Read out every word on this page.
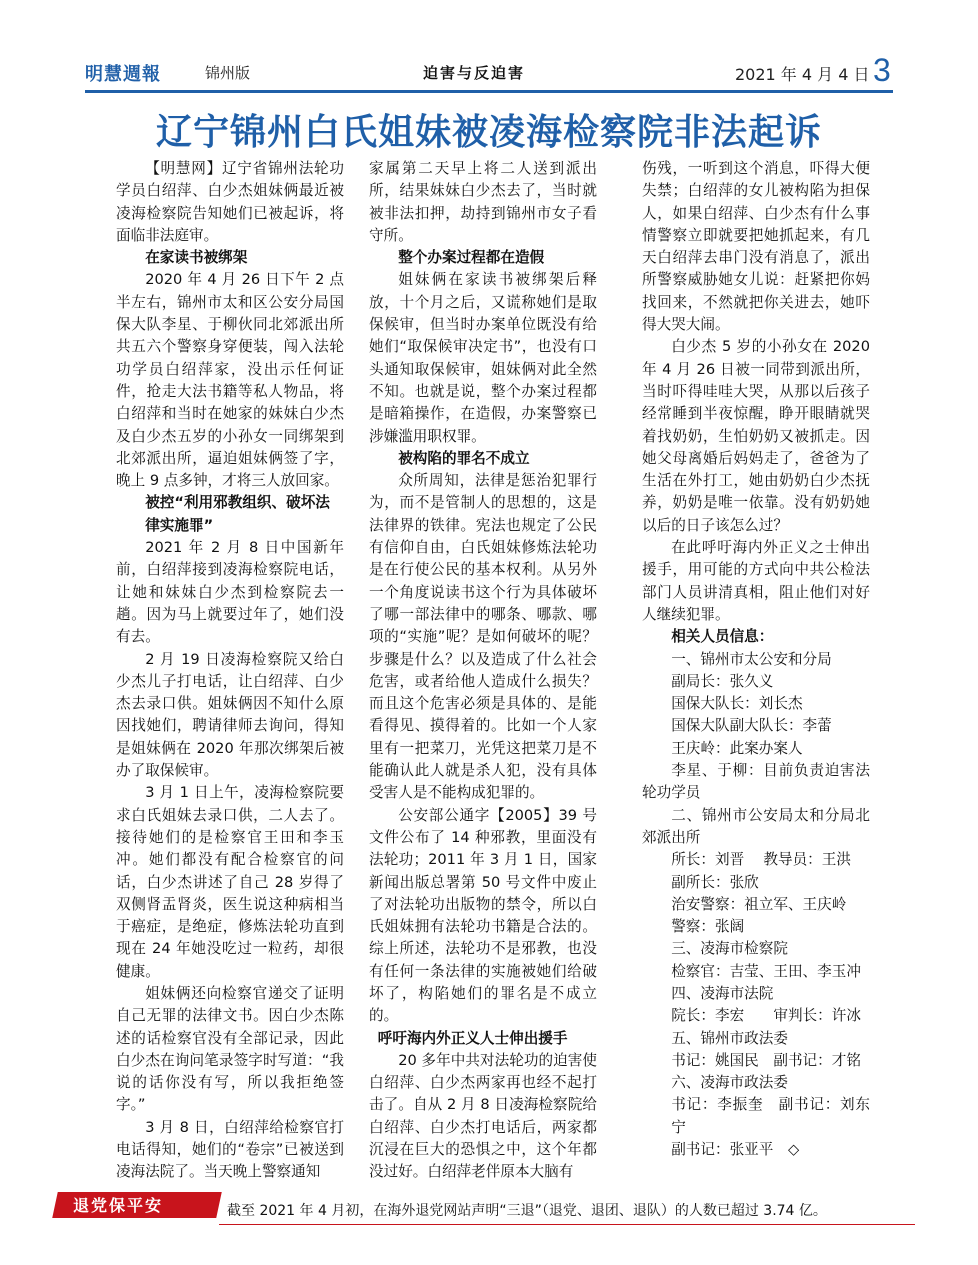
明慧週報	锦州版	迫害与反迫害	2021 年 4 月 4 日 3
辽宁锦州白氏姐妹被凌海检察院非法起诉

【明慧网】辽宁省锦州法轮功学员白绍萍、白少杰姐妹俩最近被凌海检察院告知她们已被起诉，将面临非法庭审。

在家读书被绑架

2020 年 4 月 26 日下午 2 点半左右，锦州市太和区公安分局国保大队李星、于柳伙同北郊派出所共五六个警察身穿便装，闯入法轮功学员白绍萍家，没出示任何证件，抢走大法书籍等私人物品，将白绍萍和当时在她家的妹妹白少杰及白少杰五岁的小孙女一同绑架到北郊派出所，逼迫姐妹俩签了字，晚上 9 点多钟，才将三人放回家。

被控“利用邪教组织、破坏法律实施罪”

2021 年 2 月 8 日中国新年前，白绍萍接到凌海检察院电话，让她和妹妹白少杰到检察院去一趟。因为马上就要过年了，她们没有去。

2 月 19 日凌海检察院又给白少杰儿子打电话，让白绍萍、白少杰去录口供。姐妹俩因不知什么原因找她们，聘请律师去询问，得知是姐妹俩在 2020 年那次绑架后被办了取保候审。

3 月 1 日上午，凌海检察院要求白氏姐妹去录口供，二人去了。接待她们的是检察官王田和李玉冲。她们都没有配合检察官的问话，白少杰讲述了自己 28 岁得了双侧肾盂肾炎，医生说这种病相当于癌症，是绝症，修炼法轮功直到现在 24 年她没吃过一粒药，却很健康。

姐妹俩还向检察官递交了证明自己无罪的法律文书。因白少杰陈述的话检察官没有全部记录，因此白少杰在询问笔录签字时写道：“我说的话你没有写，所以我拒绝签字。”

3 月 8 日，白绍萍给检察官打电话得知，她们的“卷宗”已被送到凌海法院了。当天晚上警察通知

家属第二天早上将二人送到派出所，结果妹妹白少杰去了，当时就被非法扣押，劫持到锦州市女子看守所。

整个办案过程都在造假

姐妹俩在家读书被绑架后释放，十个月之后，又谎称她们是取保候审，但当时办案单位既没有给她们“取保候审决定书”，也没有口头通知取保候审，姐妹俩对此全然不知。也就是说，整个办案过程都是暗箱操作，在造假，办案警察已涉嫌滥用职权罪。

被构陷的罪名不成立

众所周知，法律是惩治犯罪行为，而不是管制人的思想的，这是法律界的铁律。宪法也规定了公民有信仰自由，白氏姐妹修炼法轮功是在行使公民的基本权利。从另外一个角度说读书这个行为具体破坏了哪一部法律中的哪条、哪款、哪项的“实施”呢？是如何破坏的呢？步骤是什么？以及造成了什么社会危害，或者给他人造成什么损失？而且这个危害必须是具体的、是能看得见、摸得着的。比如一个人家里有一把菜刀，光凭这把菜刀是不能确认此人就是杀人犯，没有具体受害人是不能构成犯罪的。

公安部公通字【2005】39 号文件公布了 14 种邪教，里面没有法轮功；2011 年 3 月 1 日，国家新闻出版总署第 50 号文件中废止了对法轮功出版物的禁令，所以白氏姐妹拥有法轮功书籍是合法的。综上所述，法轮功不是邪教，也没有任何一条法律的实施被她们给破坏了，构陷她们的罪名是不成立的。

呼吁海内外正义人士伸出援手

20 多年中共对法轮功的迫害使白绍萍、白少杰两家再也经不起打击了。自从 2 月 8 日凌海检察院给白绍萍、白少杰打电话后，两家都沉浸在巨大的恐惧之中，这个年都没过好。白绍萍老伴原本大脑有

伤残，一听到这个消息，吓得大便失禁；白绍萍的女儿被构陷为担保人，如果白绍萍、白少杰有什么事情警察立即就要把她抓起来，有几天白绍萍去串门没有消息了，派出所警察威胁她女儿说：赶紧把你妈找回来，不然就把你关进去，她吓得大哭大闹。

白少杰 5 岁的小孙女在 2020 年 4 月 26 日被一同带到派出所，当时吓得哇哇大哭，从那以后孩子经常睡到半夜惊醒，睁开眼睛就哭着找奶奶，生怕奶奶又被抓走。因她父母离婚后妈妈走了，爸爸为了生活在外打工，她由奶奶白少杰抚养，奶奶是唯一依靠。没有奶奶她以后的日子该怎么过？

在此呼吁海内外正义之士伸出援手，用可能的方式向中共公检法部门人员讲清真相，阻止他们对好人继续犯罪。

相关人员信息：

一、锦州市太公安和分局

副局长：张久义

国保大队长：刘长杰

国保大队副大队长：李蕾

王庆岭：此案办案人

李星、于柳：目前负责迫害法轮功学员

二、锦州市公安局太和分局北郊派出所

所长：刘晋　 教导员：王洪

副所长：张欣

治安警察：祖立军、王庆岭

警察：张阔

三、凌海市检察院

检察官：吉莹、王田、李玉冲

四、凌海市法院

院长：李宏　　审判长：许冰

五、锦州市政法委

书记：姚国民　副书记：才铭

六、凌海市政法委

书记：李振奎　副书记：刘东宁

副书记：张亚平　◇

退党保平安	截至 2021 年 4 月初，在海外退党网站声明“三退”（退党、退团、退队）的人数已超过 3.74 亿。
